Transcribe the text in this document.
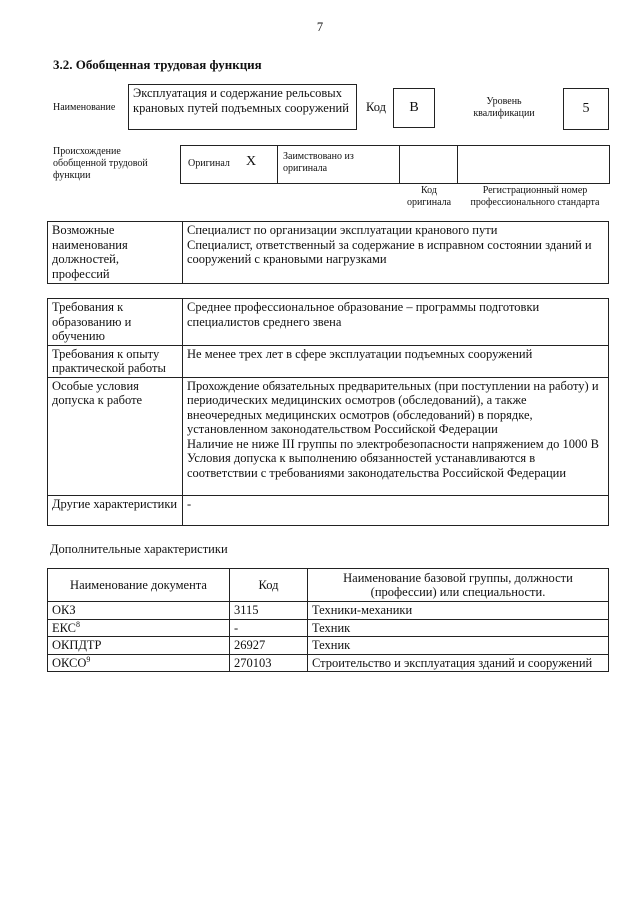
7
3.2. Обобщенная трудовая функция
Наименование
Эксплуатация и содержание рельсовых крановых путей подъемных сооружений	Код	B	Уровень квалификации	5
Происхождение обобщенной трудовой функции
Оригинал X	Заимствовано из оригинала
Код оригинала
Регистрационный номер профессионального стандарта
Возможные наименования должностей, профессий	
Специалист по организации эксплуатации кранового пути
Специалист, ответственный за содержание в исправном состоянии зданий и сооружений с крановыми нагрузками
Требования к образованию и обучению	Среднее профессиональное образование – программы подготовки специалистов среднего звена
Требования к опыту практической работы	Не менее трех лет в сфере эксплуатации подъемных сооружений
Особые условия допуска к работе	Прохождение обязательных предварительных (при поступлении на работу) и периодических медицинских осмотров (обследований), а также внеочередных медицинских осмотров (обследований) в порядке, установленном законодательством Российской Федерации
Наличие не ниже III группы по электробезопасности напряжением до 1000 В
Условия допуска к выполнению обязанностей устанавливаются в соответствии с требованиями законодательства Российской Федерации

Другие характеристики	-
Дополнительные характеристики
Наименование документа	Код	Наименование базовой группы, должности (профессии) или специальности.
ОКЗ	3115	Техники-механики
ЕКС$^8$	-	Техник
ОКПДТР	26927	Техник
ОКСО$^9$	270103	Строительство и эксплуатация зданий и сооружений
